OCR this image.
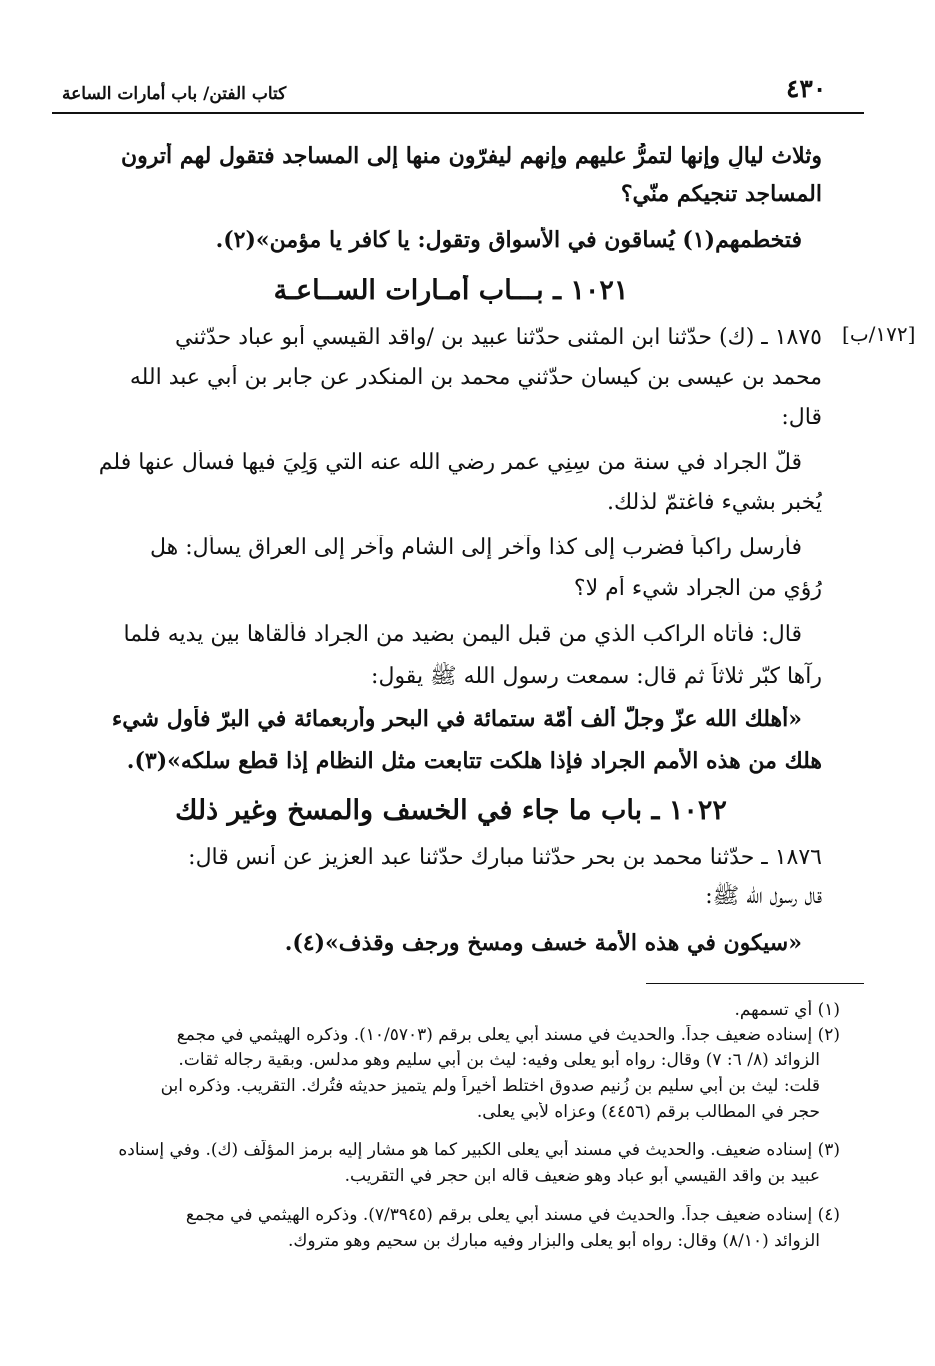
٤٣٠
كتاب الفتن/ باب أمارات الساعة
[١٧٢/ب]
وثلاث ليالٍ وإنها لتمرُّ عليهم وإنهم ليفرّون منها إلى المساجد فتقول لهم أترون
المساجد تنجيكم منّي؟
فتخطمهم(١) يُساقون في الأسواق وتقول: يا كافر يا مؤمن»(٢).
١٠٢١ ـ بـــاب أمـارات الســاعـة
١٨٧٥ ـ (ك) حدّثنا ابن المثنى حدّثنا عبيد بن /واقد القيسي أبو عباد حدّثني
محمد بن عيسى بن كيسان حدّثني محمد بن المنكدر عن جابر بن أبي عبد الله
قال:
قلّ الجراد في سنة من سِنِي عمر رضي الله عنه التي وَلِيَ فيها فسأل عنها فلم
يُخبر بشيء فاغتمّ لذلك.
فأرسل راكباً فضرب إلى كذا وآخر إلى الشام وآخر إلى العراق يسأل: هل
رُؤي من الجراد شيء أم لا؟
قال: فأتاه الراكب الذي من قبل اليمن بضيد من الجراد فألقاها بين يديه فلما
رآها كبّر ثلاثاً ثم قال: سمعت رسول الله ﷺ يقول:
«أهلك الله عزّ وجلّ ألف أُمّة ستمائة في البحر وأربعمائة في البرّ فأول شيء
هلك من هذه الأمم الجراد فإذا هلكت تتابعت مثل النظام إذا قطع سلكه»(٣).
١٠٢٢ ـ باب ما جاء في الخسف والمسخ وغير ذلك
١٨٧٦ ـ حدّثنا محمد بن بحر حدّثنا مبارك حدّثنا عبد العزيز عن أنس قال:
قال رسول الله ﷺ:
«سيكون في هذه الأمة خسف ومسخ ورجف وقذف»(٤).
(١) أي تسمهم.
(٢) إسناده ضعيف جداً. والحديث في مسند أبي يعلى برقم (١٠/٥٧٠٣). وذكره الهيثمي في مجمع
الزوائد (٨/ ٦: ٧) وقال: رواه أبو يعلى وفيه: ليث بن أبي سليم وهو مدلس. وبقية رجاله ثقات.
قلت: ليث بن أبي سليم بن زُنيم صدوق اختلط أخيراً ولم يتميز حديثه فتُرك. التقريب. وذكره ابن
حجر في المطالب برقم (٤٤٥٦) وعزاه لأبي يعلى.
(٣) إسناده ضعيف. والحديث في مسند أبي يعلى الكبير كما هو مشار إليه برمز المؤلّف (ك). وفي إسناده
عبيد بن واقد القيسي أبو عباد وهو ضعيف قاله ابن حجر في التقريب.
(٤) إسناده ضعيف جداً. والحديث في مسند أبي يعلى برقم (٧/٣٩٤٥). وذكره الهيثمي في مجمع
الزوائد (٨/١٠) وقال: رواه أبو يعلى والبزار وفيه مبارك بن سحيم وهو متروك.
